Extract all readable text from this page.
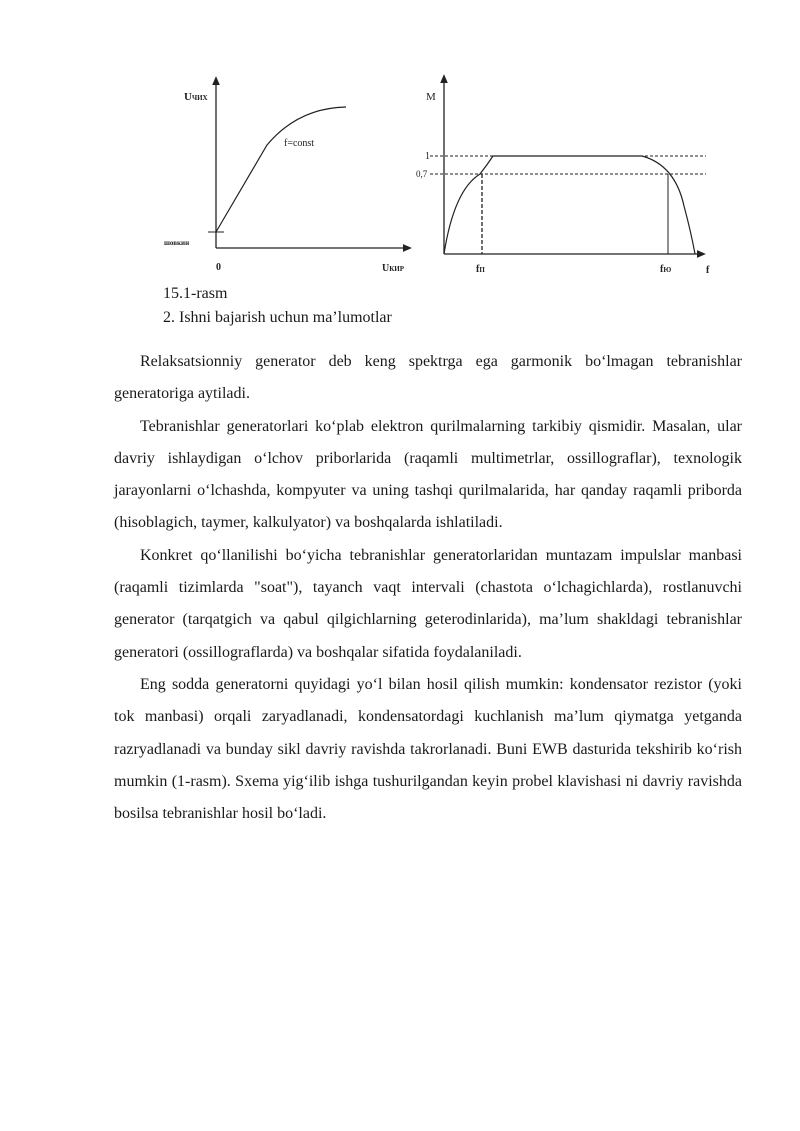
UЧИХ
f=const
шовкин
0	UКИР
M
1
0,7
fП	fЮ	f

15.1-rasm

2. Ishni bajarish uchun ma’lumotlar

Relaksatsionniy generator deb keng spektrga ega garmonik bo‘lmagan tebranishlar generatoriga aytiladi.

Tebranishlar generatorlari ko‘plab elektron qurilmalarning tarkibiy qismidir. Masalan, ular davriy ishlaydigan o‘lchov priborlarida (raqamli multimetrlar, ossillograflar), texnologik jarayonlarni o‘lchashda, kompyuter va uning tashqi qurilmalarida, har qanday raqamli priborda (hisoblagich, taymer, kalkulyator) va boshqalarda ishlatiladi.

Konkret qo‘llanilishi bo‘yicha tebranishlar generatorlaridan muntazam impulslar manbasi (raqamli tizimlarda "soat"), tayanch vaqt intervali (chastota o‘lchagichlarda), rostlanuvchi generator (tarqatgich va qabul qilgichlarning geterodinlarida), ma’lum shakldagi tebranishlar generatori (ossillograflarda) va boshqalar sifatida foydalaniladi.

Eng sodda generatorni quyidagi yo‘l bilan hosil qilish mumkin: kondensator rezistor (yoki tok manbasi) orqali zaryadlanadi, kondensatordagi kuchlanish ma’lum qiymatga yetganda razryadlanadi va bunday sikl davriy ravishda takrorlanadi. Buni EWB dasturida tekshirib ko‘rish mumkin (1-rasm). Sxema yig‘ilib ishga tushurilgandan keyin probel klavishasi ni davriy ravishda bosilsa tebranishlar hosil bo‘ladi.
